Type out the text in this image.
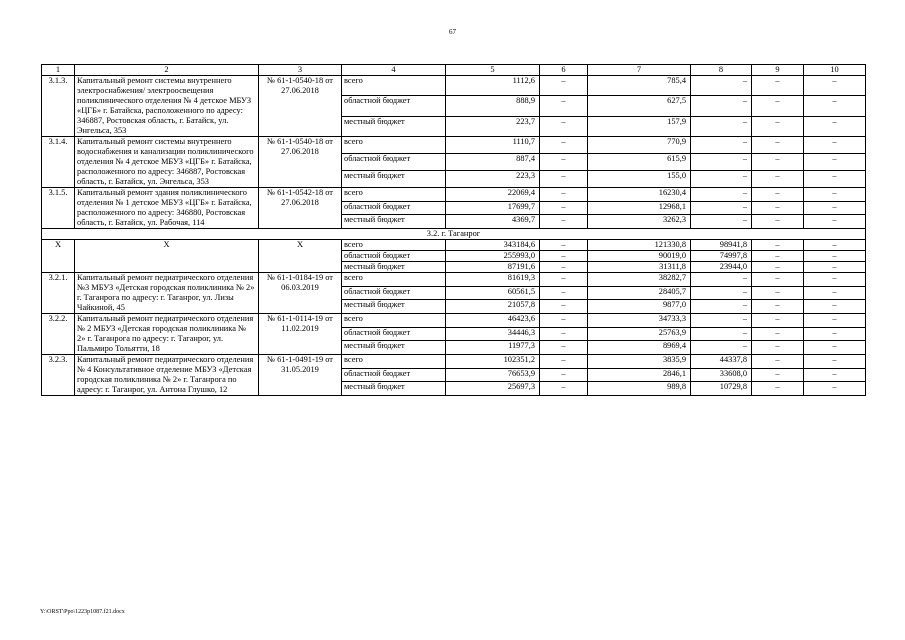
67
1	2	3	4	5	6	7	8	9	10
3.1.3.	Капитальный ремонт системы внутреннего электроснабжения/ электроосвещения поликлинического отделения № 4 детское МБУЗ «ЦГБ» г. Батайска, расположенного по адресу: 346887, Ростовская область, г. Батайск, ул. Энгельса, 353	№ 61-1-0540-18 от 27.06.2018	всего	1112,6	–	785,4	–	–	–
			областной бюджет	888,9	–	627,5	–	–	–
			местный бюджет	223,7	–	157,9	–	–	–
3.1.4.	Капитальный ремонт системы внутреннего водоснабжения и канализации поликлинического отделения № 4 детское МБУЗ «ЦГБ» г. Батайска, расположенного по адресу: 346887, Ростовская область, г. Батайск, ул. Энгельса, 353	№ 61-1-0540-18 от 27.06.2018	всего	1110,7	–	770,9	–	–	–
			областной бюджет	887,4	–	615,9	–	–	–
			местный бюджет	223,3	–	155,0	–	–	–
3.1.5.	Капитальный ремонт здания поликлинического отделения № 1 детское МБУЗ «ЦГБ» г. Батайска, расположенного по адресу: 346880, Ростовская область, г. Батайск, ул. Рабочая, 114	№ 61-1-0542-18 от 27.06.2018	всего	22069,4	–	16230,4	–	–	–
			областной бюджет	17699,7	–	12968,1	–	–	–
			местный бюджет	4369,7	–	3262,3	–	–	–
3.2. г. Таганрог									
Х	Х	Х	всего	343184,6	–	121330,8	98941,8	–	–
			областной бюджет	255993,0	–	90019,0	74997,8	–	–
			местный бюджет	87191,6	–	31311,8	23944,0	–	–
3.2.1.	Капитальный ремонт педиатрического отделения №3 МБУЗ «Детская городская поликлиника № 2» г. Таганрога по адресу: г. Таганрог, ул. Лизы Чайкиной, 45	№ 61-1-0184-19 от 06.03.2019	всего	81619,3	–	38282,7	–	–	–
			областной бюджет	60561,5	–	28405,7	–	–	–
			местный бюджет	21057,8	–	9877,0	–	–	–
3.2.2.	Капитальный ремонт педиатрического отделения № 2 МБУЗ «Детская городская поликлиника № 2» г. Таганрога по адресу: г. Таганрог, ул. Пальмиро Тольятти, 18	№ 61-1-0114-19 от 11.02.2019	всего	46423,6	–	34733,3	–	–	–
			областной бюджет	34446,3	–	25763,9	–	–	–
			местный бюджет	11977,3	–	8969,4	–	–	–
3.2.3.	Капитальный ремонт педиатрического отделения № 4 Консультативное отделение МБУЗ «Детская городская поликлиника № 2» г. Таганрога по адресу: г. Таганрог, ул. Антона Глушко, 12	№ 61-1-0491-19 от 31.05.2019	всего	102351,2	–	3835,9	44337,8	–	–
			областной бюджет	76653,9	–	2846,1	33608,0	–	–
			местный бюджет	25697,3	–	989,8	10729,8	–	–
Y:\ORST\Ppo\1223p1087.f21.docx
